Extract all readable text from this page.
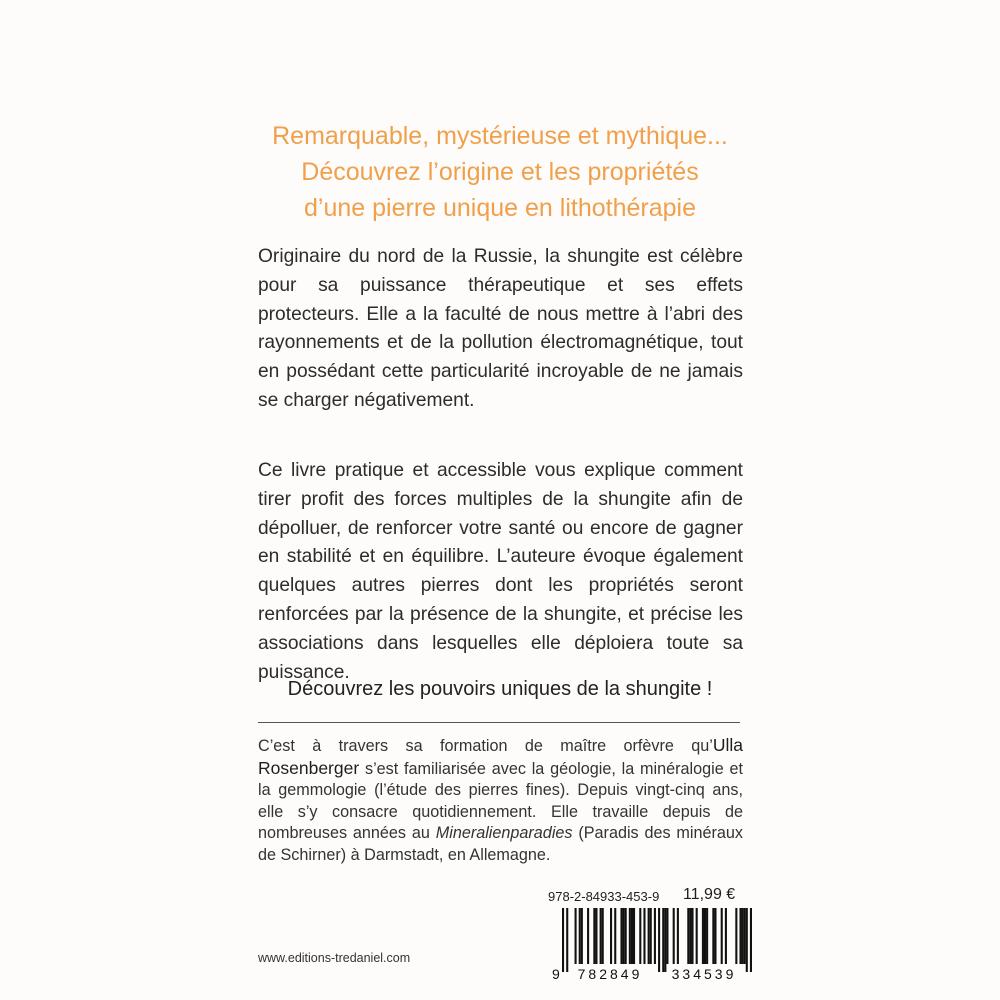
Remarquable, mystérieuse et mythique...
Découvrez l’origine et les propriétés
d’une pierre unique en lithothérapie

Originaire du nord de la Russie, la shungite est célèbre pour sa puissance thérapeutique et ses effets protecteurs. Elle a la faculté de nous mettre à l’abri des rayonnements et de la pollution électromagnétique, tout en possédant cette particularité incroyable de ne jamais se charger négativement.

Ce livre pratique et accessible vous explique comment tirer profit des forces multiples de la shungite afin de dépolluer, de renforcer votre santé ou encore de gagner en stabilité et en équilibre. L’auteure évoque également quelques autres pierres dont les propriétés seront renforcées par la présence de la shungite, et précise les associations dans lesquelles elle déploiera toute sa puissance.

Découvrez les pouvoirs uniques de la shungite !

C’est à travers sa formation de maître orfèvre qu’Ulla Rosenberger s’est familiarisée avec la géologie, la minéralogie et la gemmologie (l’étude des pierres fines). Depuis vingt-cinq ans, elle s’y consacre quotidiennement. Elle travaille depuis de nombreuses années au Mineralienparadies (Paradis des minéraux de Schirner) à Darmstadt, en Allemagne.

978-2-84933-453-9 11,99 €
9 782849 334539
www.editions-tredaniel.com
